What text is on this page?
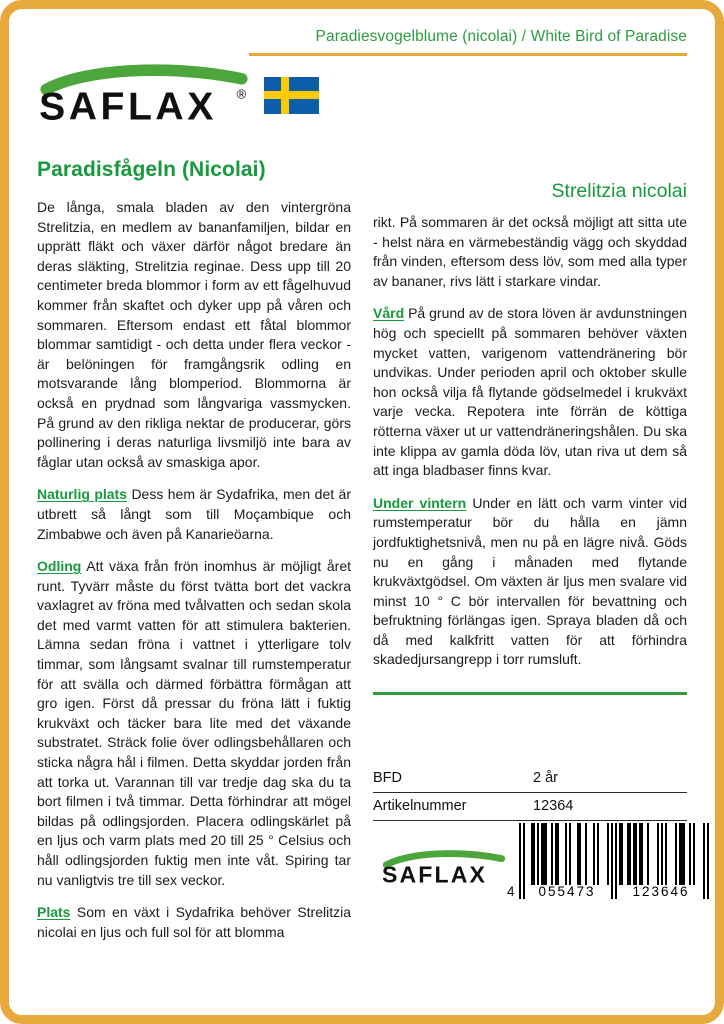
Paradiesvogelblume (nicolai) / White Bird of Paradise
SAFLAX ®
Paradisfågeln (Nicolai)

De långa, smala bladen av den vintergröna Strelitzia, en medlem av bananfamiljen, bildar en upprätt fläkt och växer därför något bredare än deras släkting, Strelitzia reginae. Dess upp till 20 centimeter breda blommor i form av ett fågelhuvud kommer från skaftet och dyker upp på våren och sommaren. Eftersom endast ett fåtal blommor blommar samtidigt - och detta under flera veckor - är belöningen för framgångsrik odling en motsvarande lång blomperiod. Blommorna är också en prydnad som långvariga vassmycken. På grund av den rikliga nektar de producerar, görs pollinering i deras naturliga livsmiljö inte bara av fåglar utan också av smaskiga apor.

Naturlig plats Dess hem är Sydafrika, men det är utbrett så långt som till Moçambique och Zimbabwe och även på Kanarieöarna.

Odling Att växa från frön inomhus är möjligt året runt. Tyvärr måste du först tvätta bort det vackra vaxlagret av fröna med tvålvatten och sedan skola det med varmt vatten för att stimulera bakterien. Lämna sedan fröna i vattnet i ytterligare tolv timmar, som långsamt svalnar till rumstemperatur för att svälla och därmed förbättra förmågan att gro igen. Först då pressar du fröna lätt i fuktig krukväxt och täcker bara lite med det växande substratet. Sträck folie över odlingsbehållaren och sticka några hål i filmen. Detta skyddar jorden från att torka ut. Varannan till var tredje dag ska du ta bort filmen i två timmar. Detta förhindrar att mögel bildas på odlingsjorden. Placera odlingskärlet på en ljus och varm plats med 20 till 25 ° Celsius och håll odlingsjorden fuktig men inte våt. Spiring tar nu vanligtvis tre till sex veckor.

Plats Som en växt i Sydafrika behöver Strelitzia nicolai en ljus och full sol för att blomma

Strelitzia nicolai

rikt. På sommaren är det också möjligt att sitta ute - helst nära en värmebeständig vägg och skyddad från vinden, eftersom dess löv, som med alla typer av bananer, rivs lätt i starkare vindar.

Vård På grund av de stora löven är avdunstningen hög och speciellt på sommaren behöver växten mycket vatten, varigenom vattendränering bör undvikas. Under perioden april och oktober skulle hon också vilja få flytande gödselmedel i krukväxt varje vecka. Repotera inte förrän de köttiga rötterna växer ut ur vattendräneringshålen. Du ska inte klippa av gamla döda löv, utan riva ut dem så att inga bladbaser finns kvar.

Under vintern Under en lätt och varm vinter vid rumstemperatur bör du hålla en jämn jordfuktighetsnivå, men nu på en lägre nivå. Göds nu en gång i månaden med flytande krukväxtgödsel. Om växten är ljus men svalare vid minst 10 ° C bör intervallen för bevattning och befruktning förlängas igen. Spraya bladen då och då med kalkfritt vatten för att förhindra skadedjursangrepp i torr rumsluft.

BFD	2 år
Artikelnummer	12364
SAFLAX
4	055473	123646
